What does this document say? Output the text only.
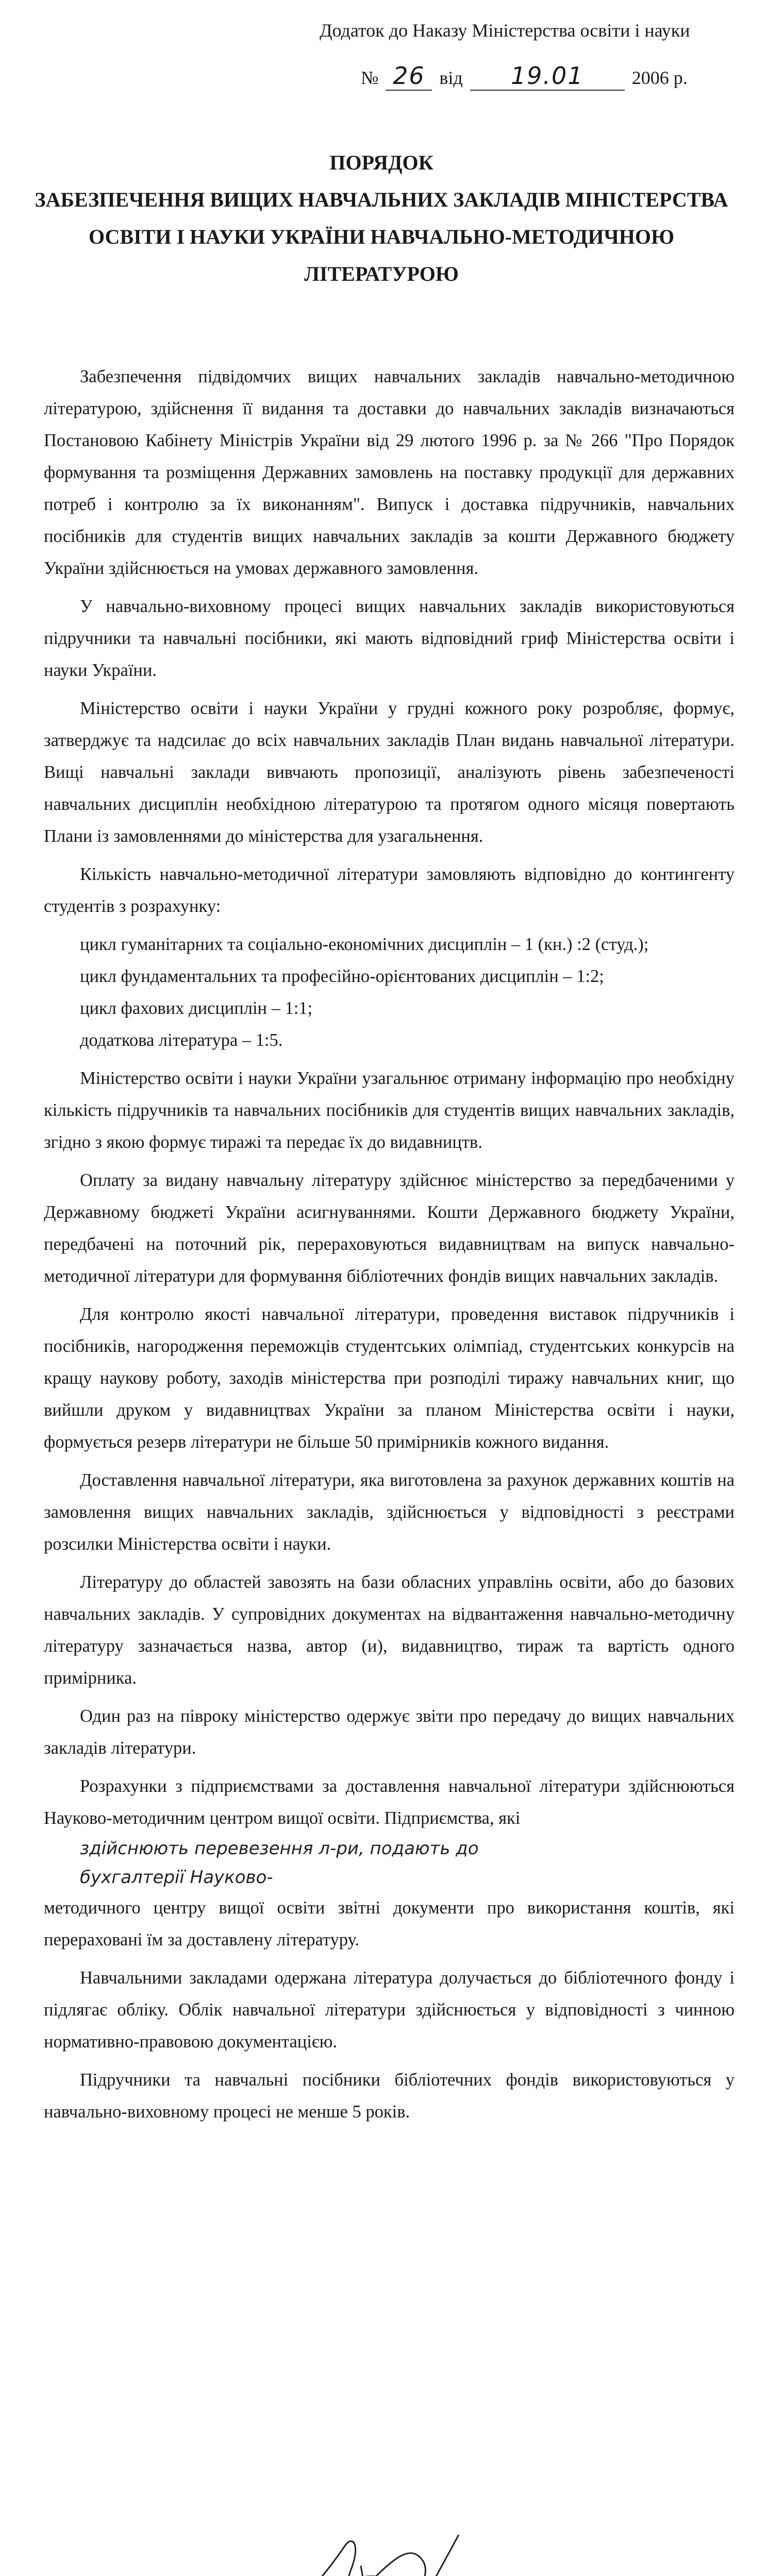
Додаток до Наказу Міністерства освіти і науки
№ 26 від	19.01	2006 р.
ПОРЯДОК
ЗАБЕЗПЕЧЕННЯ ВИЩИХ НАВЧАЛЬНИХ ЗАКЛАДІВ МІНІСТЕРСТВА
ОСВІТИ І НАУКИ УКРАЇНИ НАВЧАЛЬНО-МЕТОДИЧНОЮ
ЛІТЕРАТУРОЮ

Забезпечення підвідомчих вищих навчальних закладів навчально-методичною літературою, здійснення її видання та доставки до навчальних закладів визначаються Постановою Кабінету Міністрів України від 29 лютого 1996 р. за № 266 "Про Порядок формування та розміщення Державних замовлень на поставку продукції для державних потреб і контролю за їх виконанням". Випуск і доставка підручників, навчальних посібників для студентів вищих навчальних закладів за кошти Державного бюджету України здійснюється на умовах державного замовлення.

У навчально-виховному процесі вищих навчальних закладів використовуються підручники та навчальні посібники, які мають відповідний гриф Міністерства освіти і науки України.

Міністерство освіти і науки України у грудні кожного року розробляє, формує, затверджує та надсилає до всіх навчальних закладів План видань навчальної літератури. Вищі навчальні заклади вивчають пропозиції, аналізують рівень забезпеченості навчальних дисциплін необхідною літературою та протягом одного місяця повертають Плани із замовленнями до міністерства для узагальнення.

Кількість навчально-методичної літератури замовляють відповідно до контингенту студентів з розрахунку:

цикл гуманітарних та соціально-економічних дисциплін – 1 (кн.) :2 (студ.);

цикл фундаментальних та професійно-орієнтованих дисциплін – 1:2;

цикл фахових дисциплін – 1:1;

додаткова література – 1:5.

Міністерство освіти і науки України узагальнює отриману інформацію про необхідну кількість підручників та навчальних посібників для студентів вищих навчальних закладів, згідно з якою формує тиражі та передає їх до видавництв.

Оплату за видану навчальну літературу здійснює міністерство за передбаченими у Державному бюджеті України асигнуваннями. Кошти Державного бюджету України, передбачені на поточний рік, перераховуються видавництвам на випуск навчально-методичної літератури для формування бібліотечних фондів вищих навчальних закладів.

Для контролю якості навчальної літератури, проведення виставок підручників і посібників, нагородження переможців студентських олімпіад, студентських конкурсів на кращу наукову роботу, заходів міністерства при розподілі тиражу навчальних книг, що вийшли друком у видавництвах України за планом Міністерства освіти і науки, формується резерв літератури не більше 50 примірників кожного видання.

Доставлення навчальної літератури, яка виготовлена за рахунок державних коштів на замовлення вищих навчальних закладів, здійснюється у відповідності з реєстрами розсилки Міністерства освіти і науки.

Літературу до областей завозять на бази обласних управлінь освіти, або до базових навчальних закладів. У супровідних документах на відвантаження навчально-методичну літературу зазначається назва, автор (и), видавництво, тираж та вартість одного примірника.

Один раз на півроку міністерство одержує звіти про передачу до вищих навчальних закладів літератури.

Розрахунки з підприємствами за доставлення навчальної літератури здійснюються Науково-методичним центром вищої освіти. Підприємства, які

здійснюють перевезення л-ри, подають до

бухгалтерії Науково-

методичного центру вищої освіти звітні документи про використання коштів, які перераховані їм за доставлену літературу.

Навчальними закладами одержана література долучається до бібліотечного фонду і підлягає обліку. Облік навчальної літератури здійснюється у відповідності з чинною нормативно-правовою документацією.

Підручники та навчальні посібники бібліотечних фондів використовуються у навчально-виховному процесі не менше 5 років.
